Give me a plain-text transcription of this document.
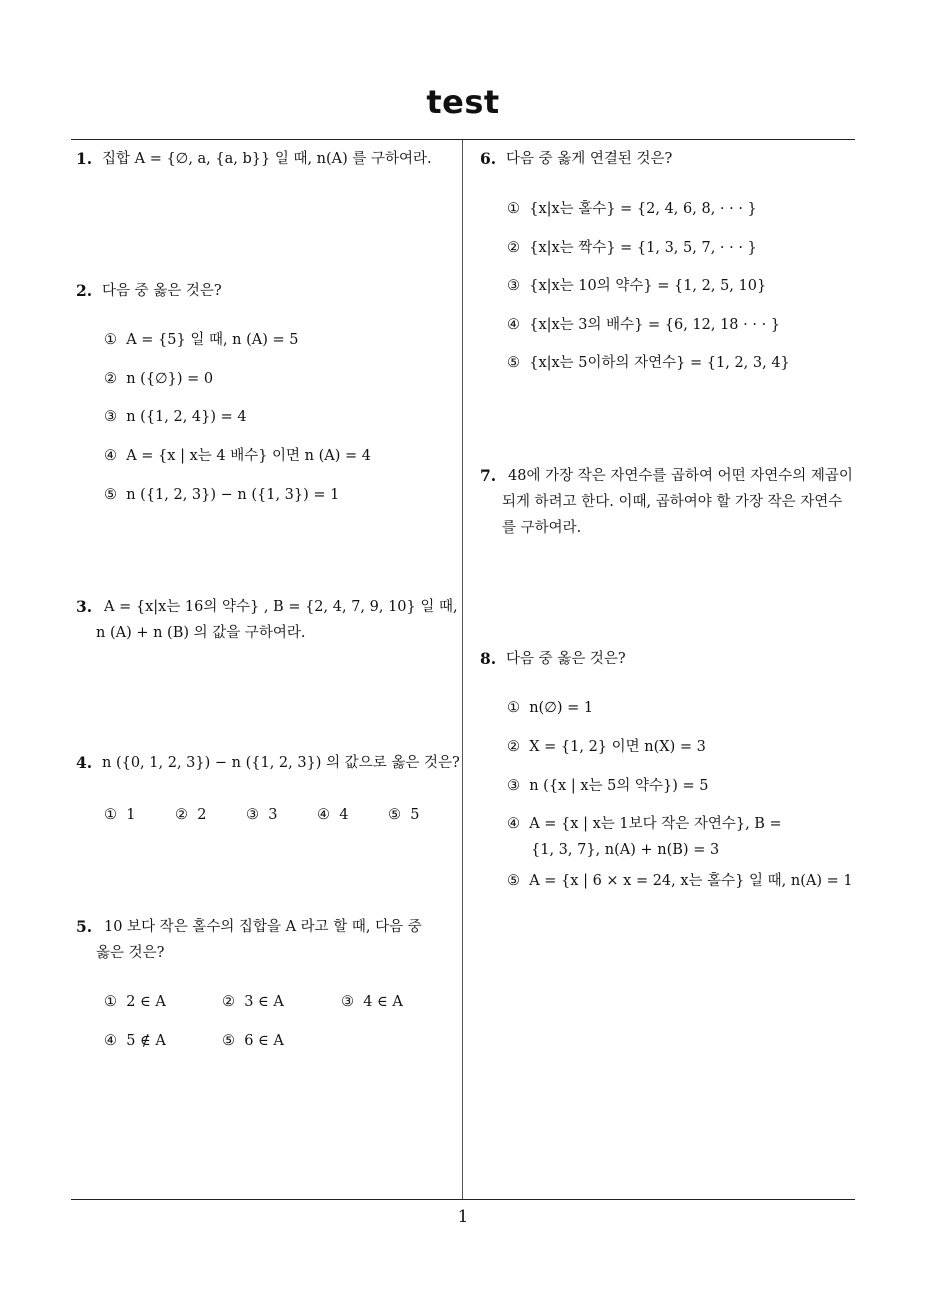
test
1
1. 집합 A = {∅, a, {a, b}} 일 때, n(A) 를 구하여라.
2. 다음 중 옳은 것은?
① A = {5} 일 때, n (A) = 5
② n ({∅}) = 0
③ n ({1, 2, 4}) = 4
④ A = {x | x는 4 배수} 이면 n (A) = 4
⑤ n ({1, 2, 3}) − n ({1, 3}) = 1
3. A = {x|x는 16의 약수} , B = {2, 4, 7, 9, 10} 일 때,
n (A) + n (B) 의 값을 구하여라.
4. n ({0, 1, 2, 3}) − n ({1, 2, 3}) 의 값으로 옳은 것은?
① 1	② 2	③ 3	④ 4	⑤ 5
5. 10 보다 작은 홀수의 집합을 A 라고 할 때, 다음 중
옳은 것은?
① 2 ∈ A	② 3 ∈ A	③ 4 ∈ A
④ 5 ∉ A	⑤ 6 ∈ A
6. 다음 중 옳게 연결된 것은?
① {x|x는 홀수} = {2, 4, 6, 8, · · · }
② {x|x는 짝수} = {1, 3, 5, 7, · · · }
③ {x|x는 10의 약수} = {1, 2, 5, 10}
④ {x|x는 3의 배수} = {6, 12, 18 · · · }
⑤ {x|x는 5이하의 자연수} = {1, 2, 3, 4}
7. 48에 가장 작은 자연수를 곱하여 어떤 자연수의 제곱이
되게 하려고 한다. 이때, 곱하여야 할 가장 작은 자연수
를 구하여라.
8. 다음 중 옳은 것은?
① n(∅) = 1
② X = {1, 2} 이면 n(X) = 3
③ n ({x | x는 5의 약수}) = 5
④ A = {x | x는 1보다 작은 자연수}, B =
{1, 3, 7}, n(A) + n(B) = 3
⑤ A = {x | 6 × x = 24, x는 홀수} 일 때, n(A) = 1
